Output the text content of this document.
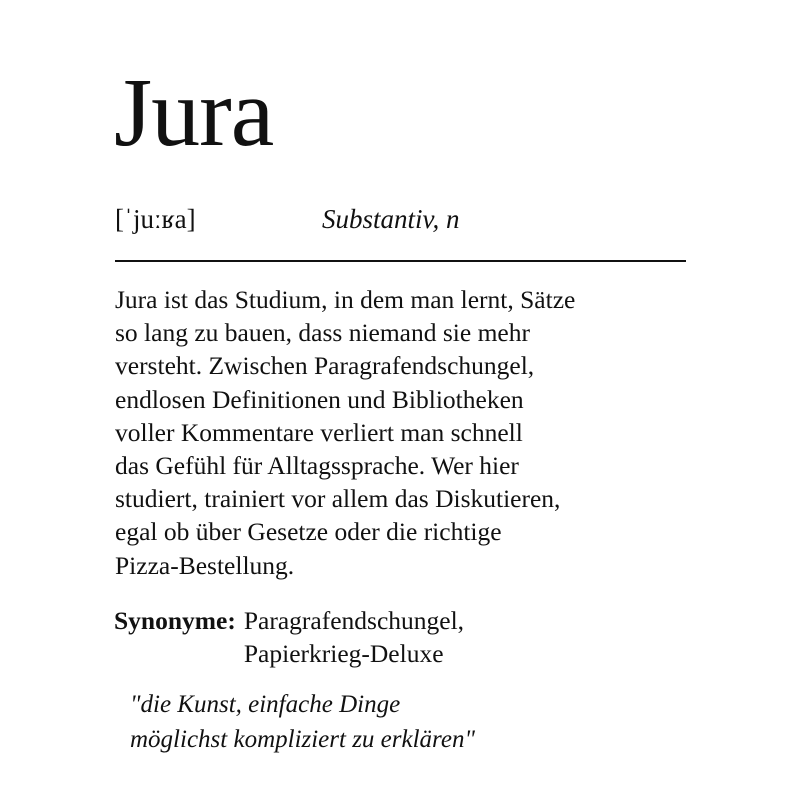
Jura
[ˈjuːʁa]	Substantiv, n

Jura ist das Studium, in dem man lernt, Sätze
so lang zu bauen, dass niemand sie mehr
versteht. Zwischen Paragrafendschungel,
endlosen Definitionen und Bibliotheken
voller Kommentare verliert man schnell
das Gefühl für Alltagssprache. Wer hier
studiert, trainiert vor allem das Diskutieren,
egal ob über Gesetze oder die richtige
Pizza-Bestellung.

Synonyme: Paragrafendschungel,
Papierkrieg-Deluxe
"die Kunst, einfache Dinge
möglichst kompliziert zu erklären"
